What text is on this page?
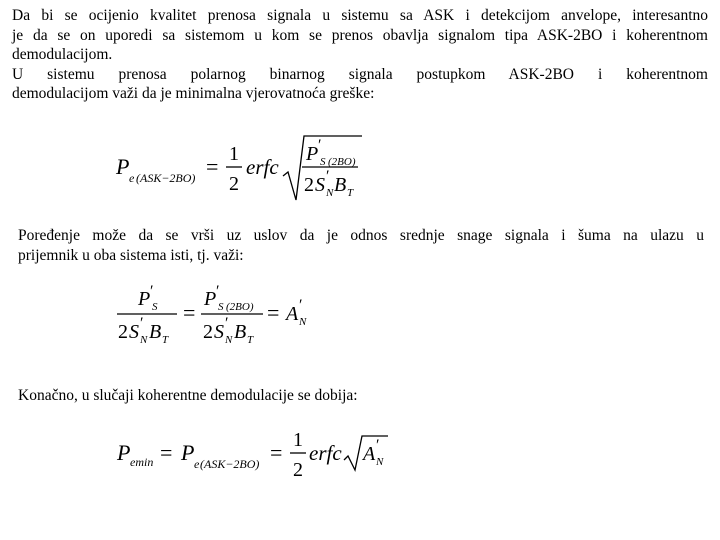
Da bi se ocijenio kvalitet prenosa signala u sistemu sa ASK i detekcijom anvelope, interesantno
je da se on uporedi sa sistemom u kom se prenos obavlja signalom tipa ASK-2BO i koherentnom
demodulacijom.
U sistemu prenosa polarnog binarnog signala postupkom ASK-2BO i koherentnom
demodulacijom važi da je minimalna vjerovatnoća greške:
P e (ASK−2BO) = 1
2
erfc
P ′
S (2BO)
2 S ′
N B T
Poređenje može da se vrši uz uslov da je odnos srednje snage signala i šuma na ulazu u
prijemnik u oba sistema isti, tj. važi:
P ′
S
2 S ′
N B T
=
P ′
S (2BO)
2 S ′
N B T
= A ′
N
Konačno, u slučaji koherentne demodulacije se dobija:
P emin = P e (ASK−2BO) = 1
2
erfc A ′
N
